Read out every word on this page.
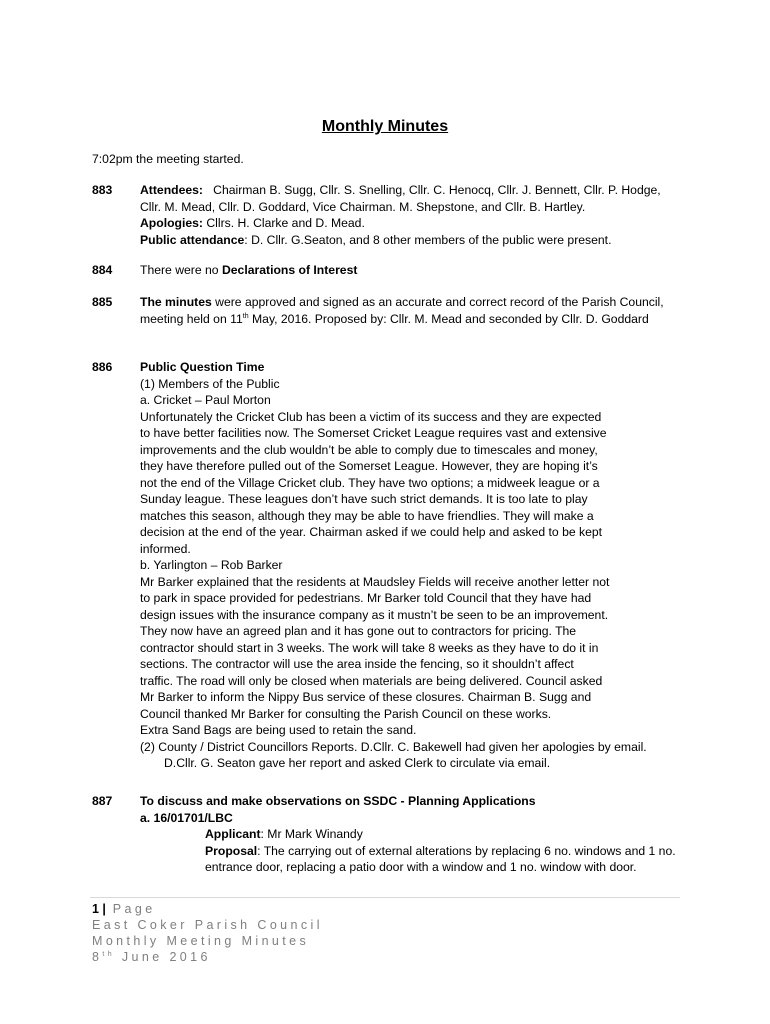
Monthly Minutes
7:02pm the meeting started.
883 Attendees: Chairman B. Sugg, Cllr. S. Snelling, Cllr. C. Henocq, Cllr. J. Bennett, Cllr. P. Hodge, Cllr. M. Mead, Cllr. D. Goddard, Vice Chairman. M. Shepstone, and Cllr. B. Hartley.

Apologies: Cllrs. H. Clarke and D. Mead.

Public attendance: D. Cllr. G.Seaton, and 8 other members of the public were present.

884 There were no Declarations of Interest

885 The minutes were approved and signed as an accurate and correct record of the Parish Council, meeting held on 11th May, 2016. Proposed by: Cllr. M. Mead and seconded by Cllr. D. Goddard

886 Public Question Time

(1) Members of the Public

a. Cricket – Paul Morton

Unfortunately the Cricket Club has been a victim of its success and they are expected to have better facilities now. The Somerset Cricket League requires vast and extensive improvements and the club wouldn’t be able to comply due to timescales and money, they have therefore pulled out of the Somerset League. However, they are hoping it’s not the end of the Village Cricket club. They have two options; a midweek league or a Sunday league. These leagues don’t have such strict demands. It is too late to play matches this season, although they may be able to have friendlies. They will make a decision at the end of the year. Chairman asked if we could help and asked to be kept informed.

b. Yarlington – Rob Barker

Mr Barker explained that the residents at Maudsley Fields will receive another letter not to park in space provided for pedestrians. Mr Barker told Council that they have had design issues with the insurance company as it mustn’t be seen to be an improvement. They now have an agreed plan and it has gone out to contractors for pricing. The contractor should start in 3 weeks. The work will take 8 weeks as they have to do it in sections. The contractor will use the area inside the fencing, so it shouldn’t affect traffic. The road will only be closed when materials are being delivered. Council asked Mr Barker to inform the Nippy Bus service of these closures. Chairman B. Sugg and Council thanked Mr Barker for consulting the Parish Council on these works.

Extra Sand Bags are being used to retain the sand.

(2) County / District Councillors Reports. D.Cllr. C. Bakewell had given her apologies by email. D.Cllr. G. Seaton gave her report and asked Clerk to circulate via email.

887 To discuss and make observations on SSDC - Planning Applications

a. 16/01701/LBC

Applicant: Mr Mark Winandy

Proposal: The carrying out of external alterations by replacing 6 no. windows and 1 no. entrance door, replacing a patio door with a window and 1 no. window with door.

1 | Page
East Coker Parish Council
Monthly Meeting Minutes
8th June 2016
